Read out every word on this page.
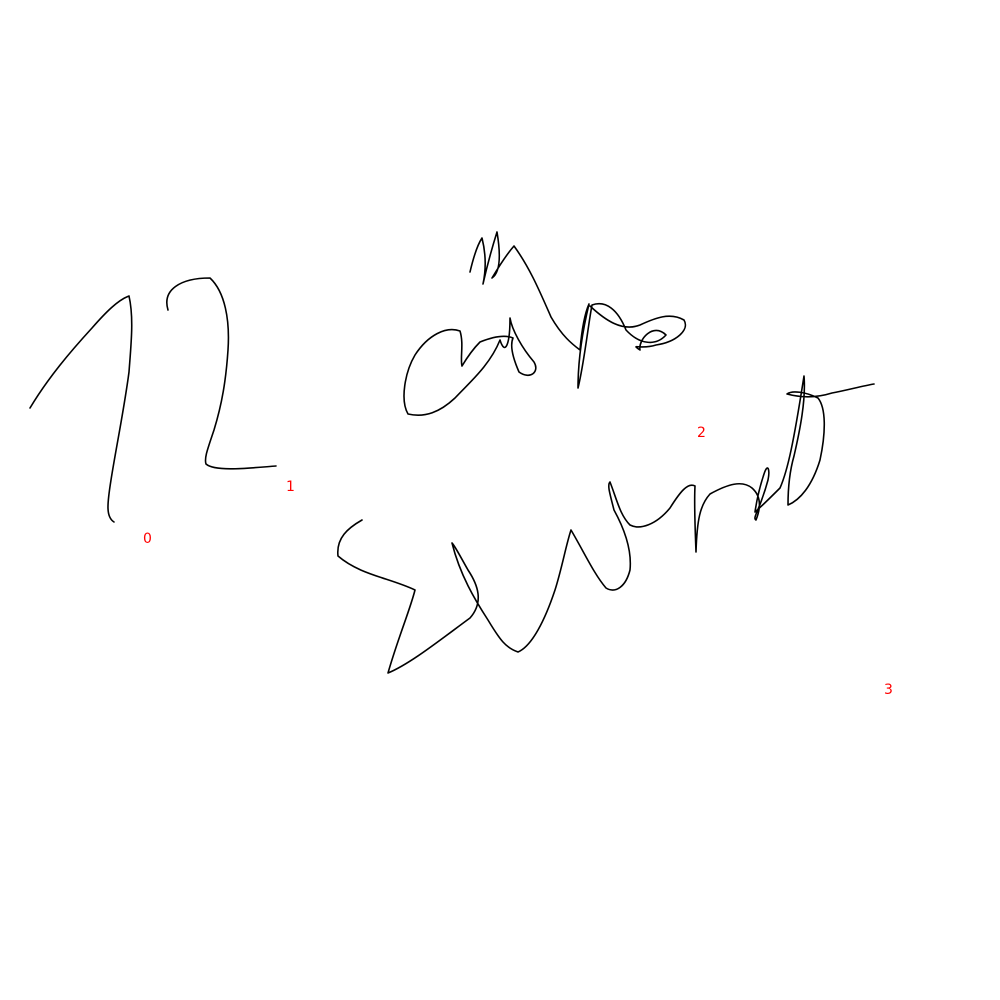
0
1
2
3
